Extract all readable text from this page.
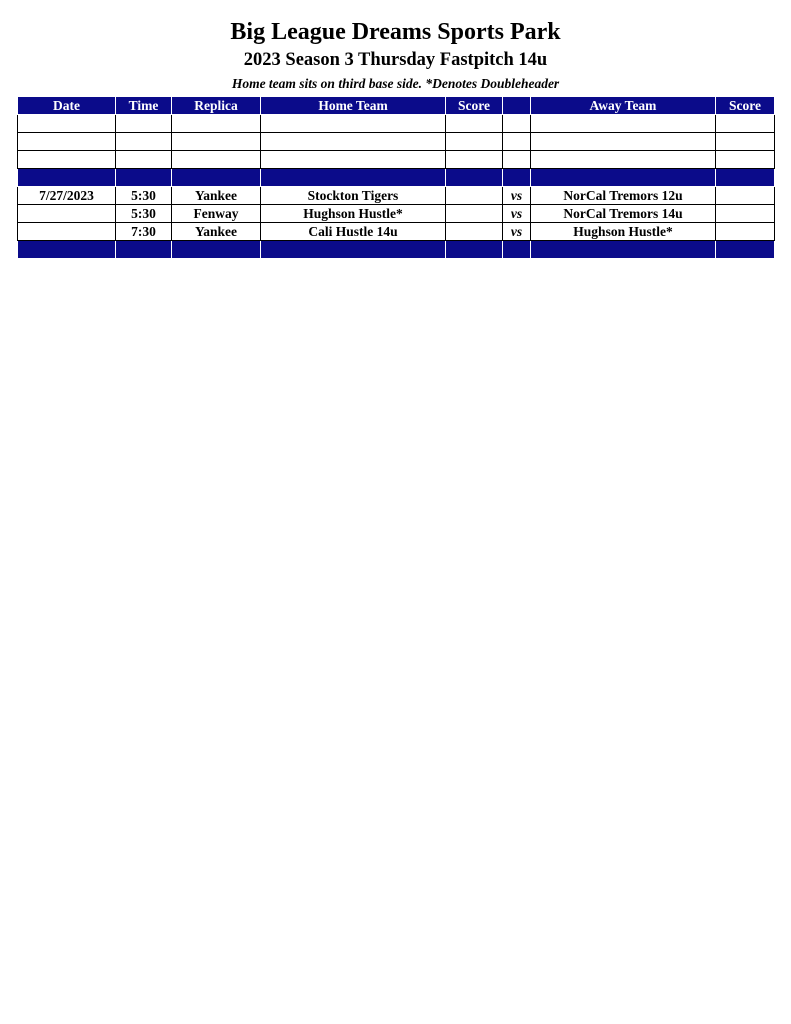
Big League Dreams Sports Park
2023 Season 3 Thursday Fastpitch 14u
Home team sits on third base side. *Denotes Doubleheader
Date	Time	Replica	Home Team	Score		Away Team	Score

7/27/2023	5:30	Yankee	Stockton Tigers		vs	NorCal Tremors 12u	
	5:30	Fenway	Hughson Hustle*		vs	NorCal Tremors 14u	
	7:30	Yankee	Cali Hustle 14u		vs	Hughson Hustle*	
